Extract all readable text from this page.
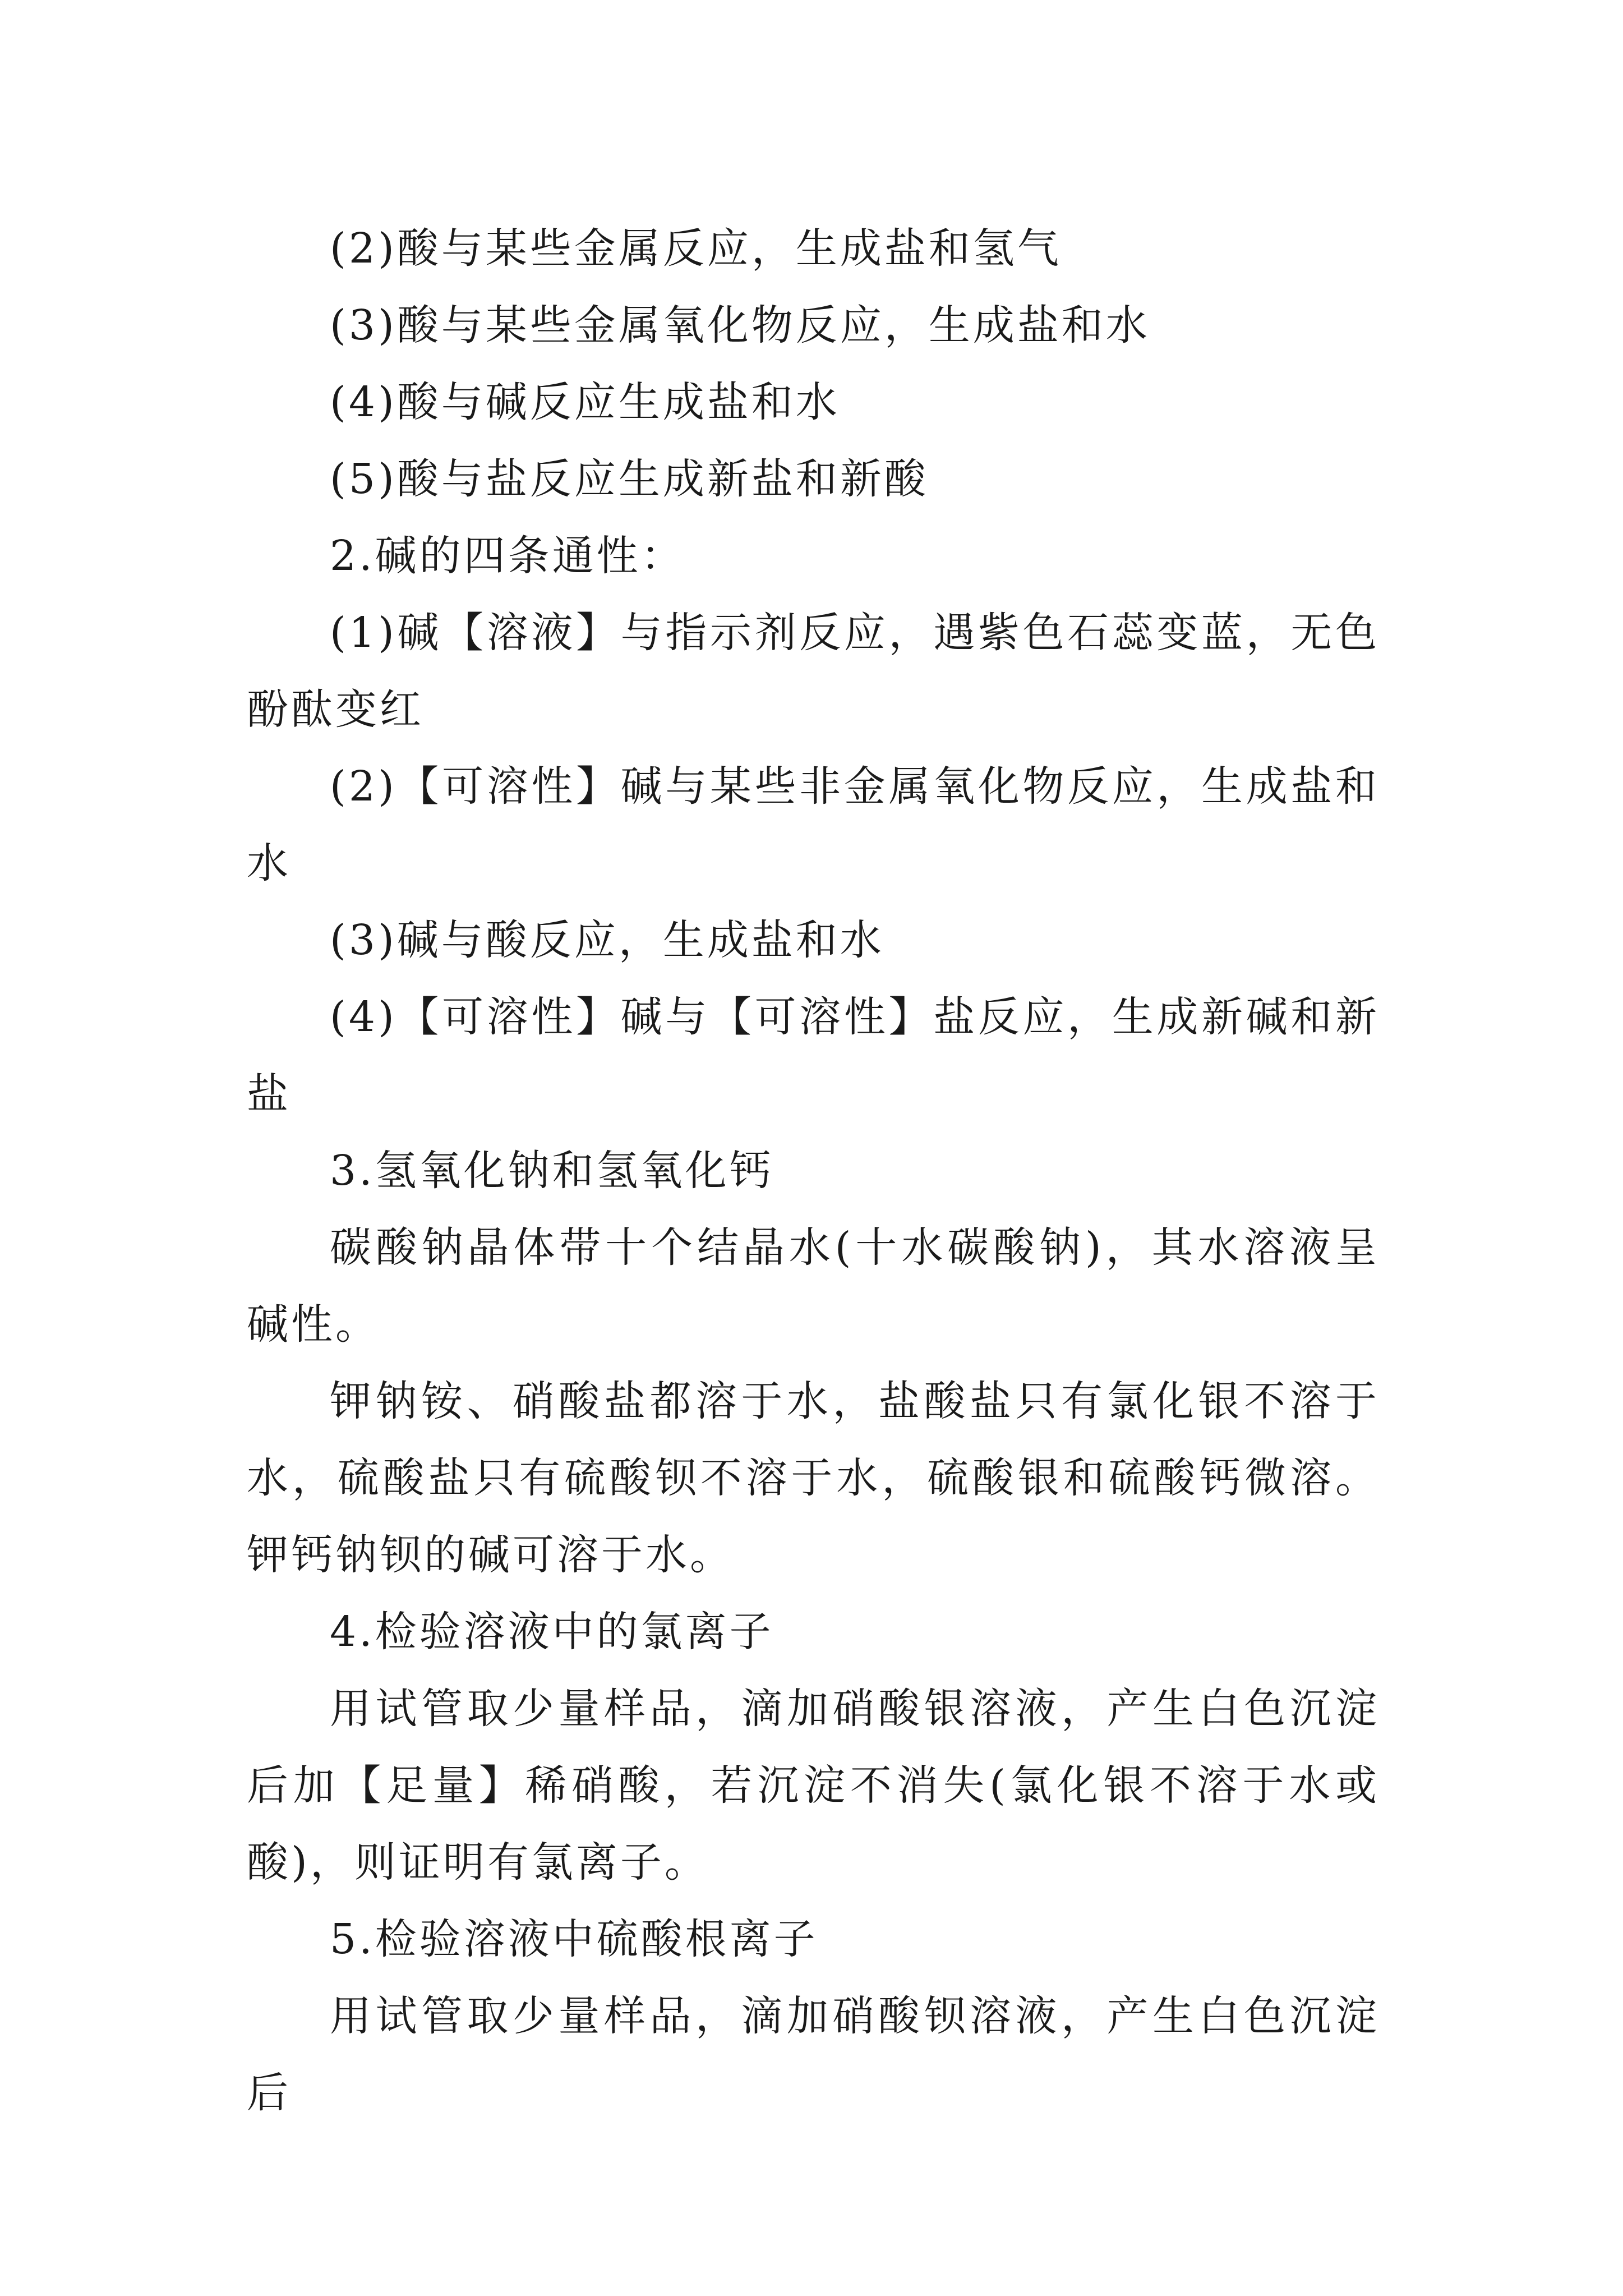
(2)酸与某些金属反应，生成盐和氢气

(3)酸与某些金属氧化物反应，生成盐和水

(4)酸与碱反应生成盐和水

(5)酸与盐反应生成新盐和新酸

2.碱的四条通性：

(1)碱【溶液】与指示剂反应，遇紫色石蕊变蓝，无色酚酞变红

(2)【可溶性】碱与某些非金属氧化物反应，生成盐和水

(3)碱与酸反应，生成盐和水

(4)【可溶性】碱与【可溶性】盐反应，生成新碱和新盐

3.氢氧化钠和氢氧化钙

碳酸钠晶体带十个结晶水(十水碳酸钠)，其水溶液呈碱性。

钾钠铵、硝酸盐都溶于水，盐酸盐只有氯化银不溶于水，硫酸盐只有硫酸钡不溶于水，硫酸银和硫酸钙微溶。钾钙钠钡的碱可溶于水。

4.检验溶液中的氯离子

用试管取少量样品，滴加硝酸银溶液，产生白色沉淀后加【足量】稀硝酸，若沉淀不消失(氯化银不溶于水或酸)，则证明有氯离子。

5.检验溶液中硫酸根离子

用试管取少量样品，滴加硝酸钡溶液，产生白色沉淀后
